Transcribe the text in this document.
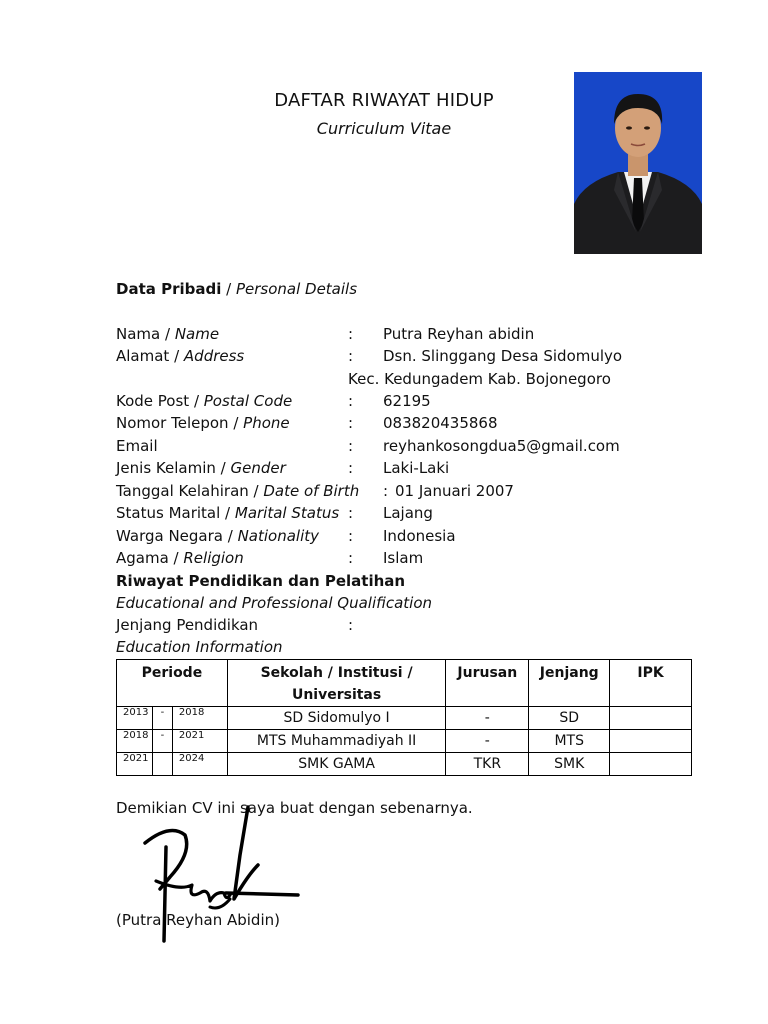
DAFTAR RIWAYAT HIDUP
Curriculum Vitae
Data Pribadi / Personal Details
Nama / Name	: Putra Reyhan abidin
Alamat / Address	: Dsn. Slinggang Desa Sidomulyo
Kec. Kedungadem Kab. Bojonegoro
Kode Post / Postal Code	: 62195
Nomor Telepon / Phone	: 083820435868
Email	: reyhankosongdua5@gmail.com
Jenis Kelamin / Gender	: Laki-Laki
Tanggal Kelahiran / Date of Birth : 01 Januari 2007
Status Marital / Marital Status : Lajang
Warga Negara / Nationality : Indonesia
Agama / Religion	: Islam
Riwayat Pendidikan dan Pelatihan
Educational and Professional Qualification
Jenjang Pendidikan	:
Education Information
Periode			Sekolah / Institusi / Universitas	Jurusan	Jenjang	IPK
2013	-	2018	SD Sidomulyo I	-	SD	
2018	-	2021	MTS Muhammadiyah II	-	MTS	
2021		2024	SMK GAMA	TKR	SMK	
Demikian CV ini saya buat dengan sebenarnya.
(Putra Reyhan Abidin)
